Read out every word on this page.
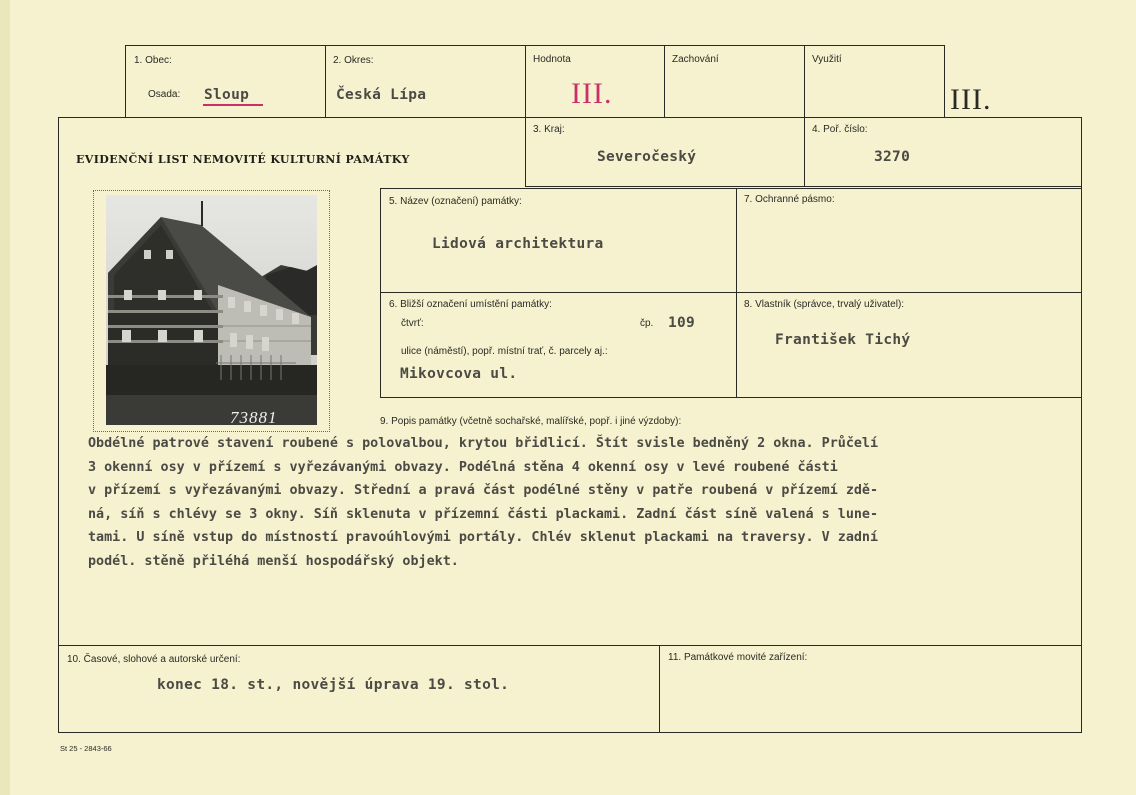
1. Obec:
Osada: Sloup
2. Okres:
Česká Lípa
Hodnota
III.
Zachování	Využití
III.
EVIDENČNÍ LIST NEMOVITÉ KULTURNÍ PAMÁTKY
3. Kraj:
Severočeský
4. Poř. číslo:
3270
73881
5. Název (označení) památky:
Lidová architektura
7. Ochranné pásmo:
6. Bližší označení umístění památky:
čtvrť:	čp. 109
ulice (náměstí), popř. místní trať, č. parcely aj.:
Mikovcova ul.
8. Vlastník (správce, trvalý uživatel):
František Tichý
9. Popis památky (včetně sochařské, malířské, popř. i jiné výzdoby):
Obdélné patrové stavení roubené s polovalbou, krytou břidlicí. Štít svisle bedněný 2 okna. Průčelí
3 okenní osy v přízemí s vyřezávanými obvazy. Podélná stěna 4 okenní osy v levé roubené části
v přízemí s vyřezávanými obvazy. Střední a pravá část podélné stěny v patře roubená v přízemí zdě-
ná, síň s chlévy se 3 okny. Síň sklenuta v přízemní části plackami. Zadní část síně valená s lune-
tami. U síně vstup do místností pravoúhlovými portály. Chlév sklenut plackami na traversy. V zadní
podél. stěně přiléhá menší hospodářský objekt.
10. Časové, slohové a autorské určení:
konec 18. st., novější úprava 19. stol.
11. Památkové movité zařízení:
St 25 - 2843-66
